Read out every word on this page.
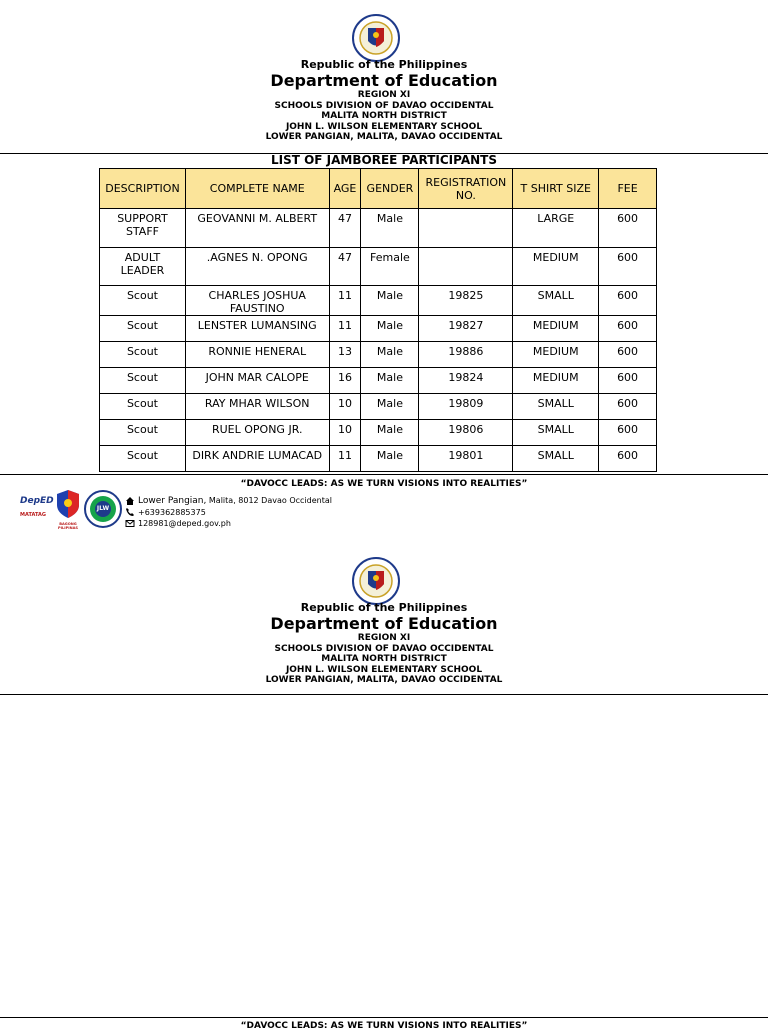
Republic of the Philippines
Department of Education
REGION XI
SCHOOLS DIVISION OF DAVAO OCCIDENTAL
MALITA NORTH DISTRICT
JOHN L. WILSON ELEMENTARY SCHOOL
LOWER PANGIAN, MALITA, DAVAO OCCIDENTAL
LIST OF JAMBOREE PARTICIPANTS
DESCRIPTION	COMPLETE NAME	AGE	GENDER	REGISTRATION NO.	T SHIRT SIZE	FEE
SUPPORT STAFF	GEOVANNI M. ALBERT	47	Male		LARGE	600
ADULT LEADER	.AGNES N. OPONG	47	Female		MEDIUM	600
Scout	CHARLES JOSHUA FAUSTINO	11	Male	19825	SMALL	600
Scout	LENSTER LUMANSING	11	Male	19827	MEDIUM	600
Scout	RONNIE HENERAL	13	Male	19886	MEDIUM	600
Scout	JOHN MAR CALOPE	16	Male	19824	MEDIUM	600
Scout	RAY MHAR WILSON	10	Male	19809	SMALL	600
Scout	RUEL OPONG JR.	10	Male	19806	SMALL	600
Scout	DIRK ANDRIE LUMACAD	11	Male	19801	SMALL	600
“DAVOCC LEADS: AS WE TURN VISIONS INTO REALITIES”
DepED
MATATAG
BAGONG PILIPINAS
JLW
Lower Pangian, Malita, 8012 Davao Occidental
+639362885375
128981@deped.gov.ph
Republic of the Philippines
Department of Education
REGION XI
SCHOOLS DIVISION OF DAVAO OCCIDENTAL
MALITA NORTH DISTRICT
JOHN L. WILSON ELEMENTARY SCHOOL
LOWER PANGIAN, MALITA, DAVAO OCCIDENTAL
“DAVOCC LEADS: AS WE TURN VISIONS INTO REALITIES”
